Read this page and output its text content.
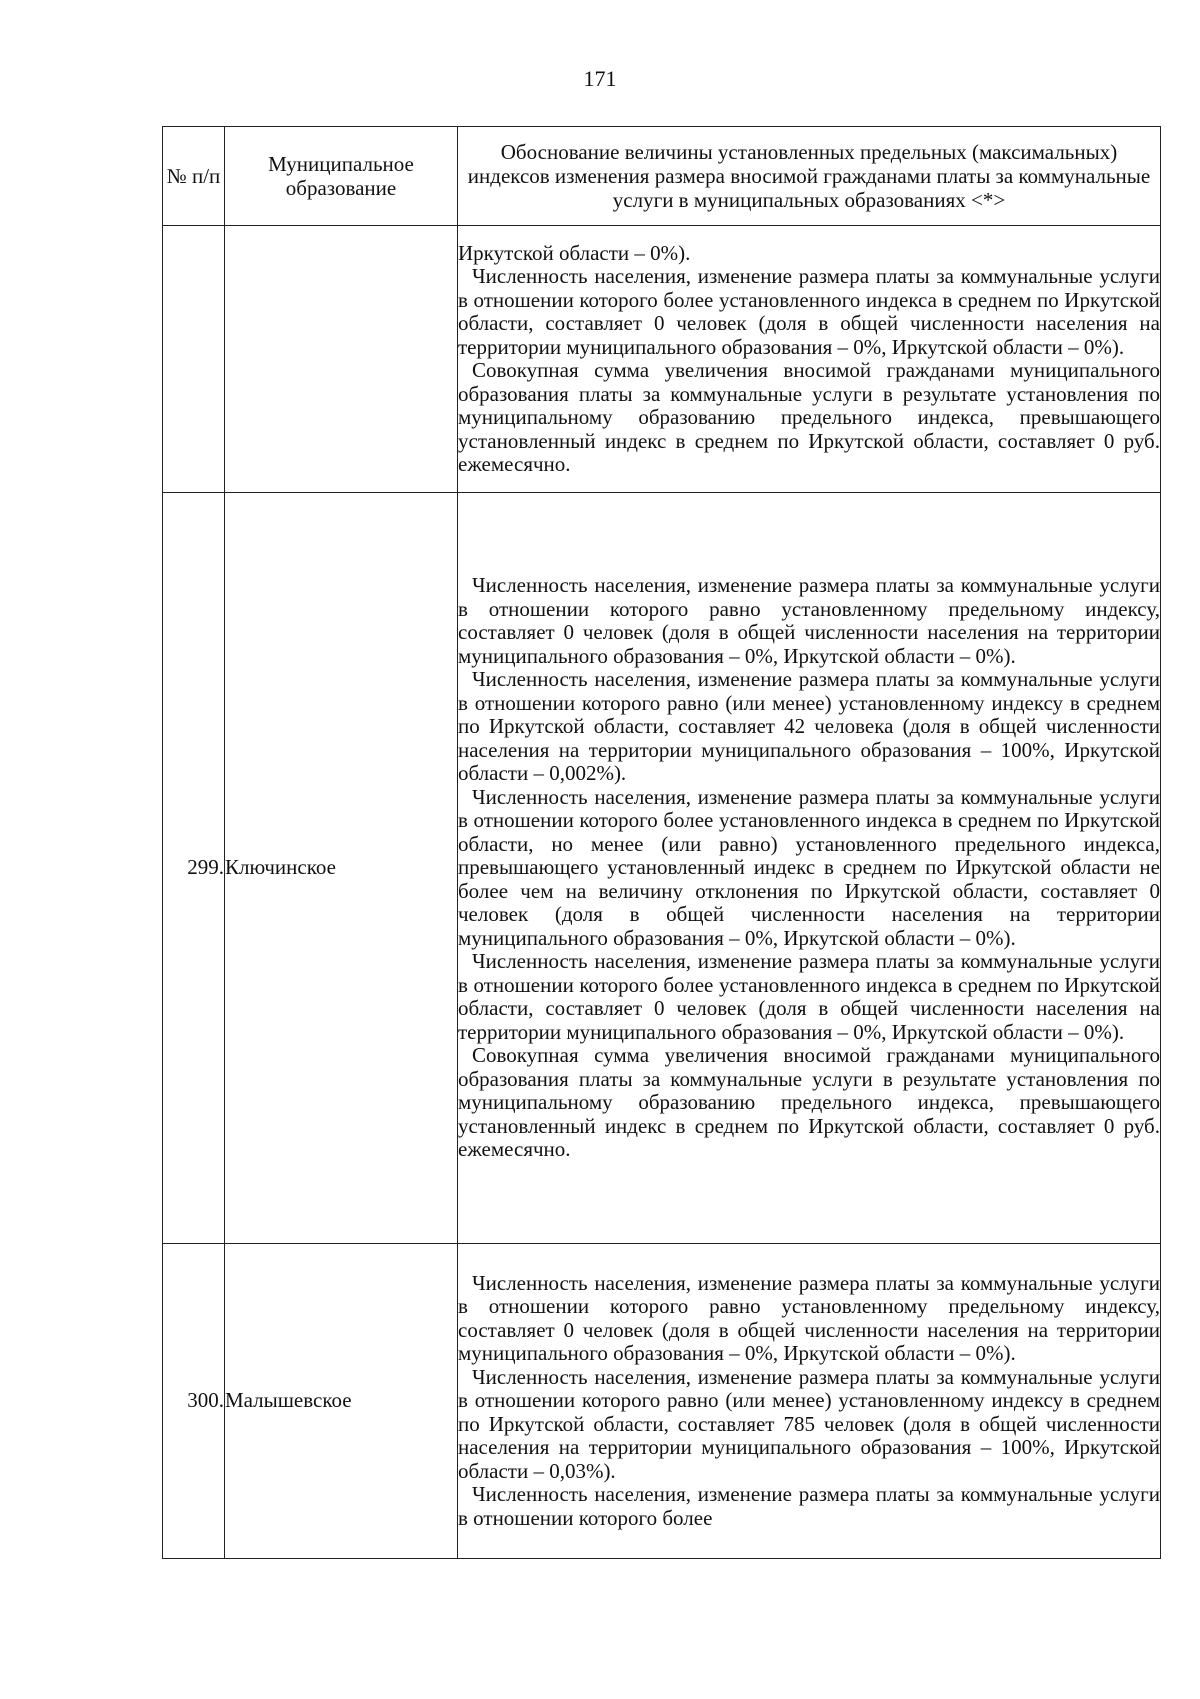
171
№ п/п	Муниципальное образование	Обоснование величины установленных предельных (максимальных) индексов изменения размера вносимой гражданами платы за коммунальные услуги в муниципальных образованиях <*>

		Иркутской области – 0%).

Численность населения, изменение размера платы за коммунальные услуги в отношении которого более установленного индекса в среднем по Иркутской области, составляет 0 человек (доля в общей численности населения на территории муниципального образования – 0%, Иркутской области – 0%).

Совокупная сумма увеличения вносимой гражданами муниципального образования платы за коммунальные услуги в результате установления по муниципальному образованию предельного индекса, превышающего установленный индекс в среднем по Иркутской области, составляет 0 руб. ежемесячно.

299.	Ключинское	Численность населения, изменение размера платы за коммунальные услуги в отношении которого равно установленному предельному индексу, составляет 0 человек (доля в общей численности населения на территории муниципального образования – 0%, Иркутской области – 0%).

Численность населения, изменение размера платы за коммунальные услуги в отношении которого равно (или менее) установленному индексу в среднем по Иркутской области, составляет 42 человека (доля в общей численности населения на территории муниципального образования – 100%, Иркутской области – 0,002%).

Численность населения, изменение размера платы за коммунальные услуги в отношении которого более установленного индекса в среднем по Иркутской области, но менее (или равно) установленного предельного индекса, превышающего установленный индекс в среднем по Иркутской области не более чем на величину отклонения по Иркутской области, составляет 0 человек (доля в общей численности населения на территории муниципального образования – 0%, Иркутской области – 0%).

Численность населения, изменение размера платы за коммунальные услуги в отношении которого более установленного индекса в среднем по Иркутской области, составляет 0 человек (доля в общей численности населения на территории муниципального образования – 0%, Иркутской области – 0%).

Совокупная сумма увеличения вносимой гражданами муниципального образования платы за коммунальные услуги в результате установления по муниципальному образованию предельного индекса, превышающего установленный индекс в среднем по Иркутской области, составляет 0 руб. ежемесячно.

300.	Малышевское	Численность населения, изменение размера платы за коммунальные услуги в отношении которого равно установленному предельному индексу, составляет 0 человек (доля в общей численности населения на территории муниципального образования – 0%, Иркутской области – 0%).

Численность населения, изменение размера платы за коммунальные услуги в отношении которого равно (или менее) установленному индексу в среднем по Иркутской области, составляет 785 человек (доля в общей численности населения на территории муниципального образования – 100%, Иркутской области – 0,03%).

Численность населения, изменение размера платы за коммунальные услуги в отношении которого более
